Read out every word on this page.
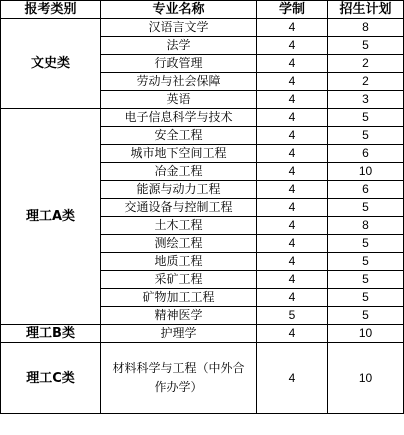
报考类别	专业名称	学制	招生计划
文史类	汉语言文学	4	8
	法学	4	5
	行政管理	4	2
	劳动与社会保障	4	2
	英语	4	3
理工A类	电子信息科学与技术	4	5
	安全工程	4	5
	城市地下空间工程	4	6
	冶金工程	4	10
	能源与动力工程	4	6
	交通设备与控制工程	4	5
	土木工程	4	8
	测绘工程	4	5
	地质工程	4	5
	采矿工程	4	5
	矿物加工工程	4	5
	精神医学	5	5
理工B类	护理学	4	10
理工C类	材料科学与工程（中外合作办学）	4	10
